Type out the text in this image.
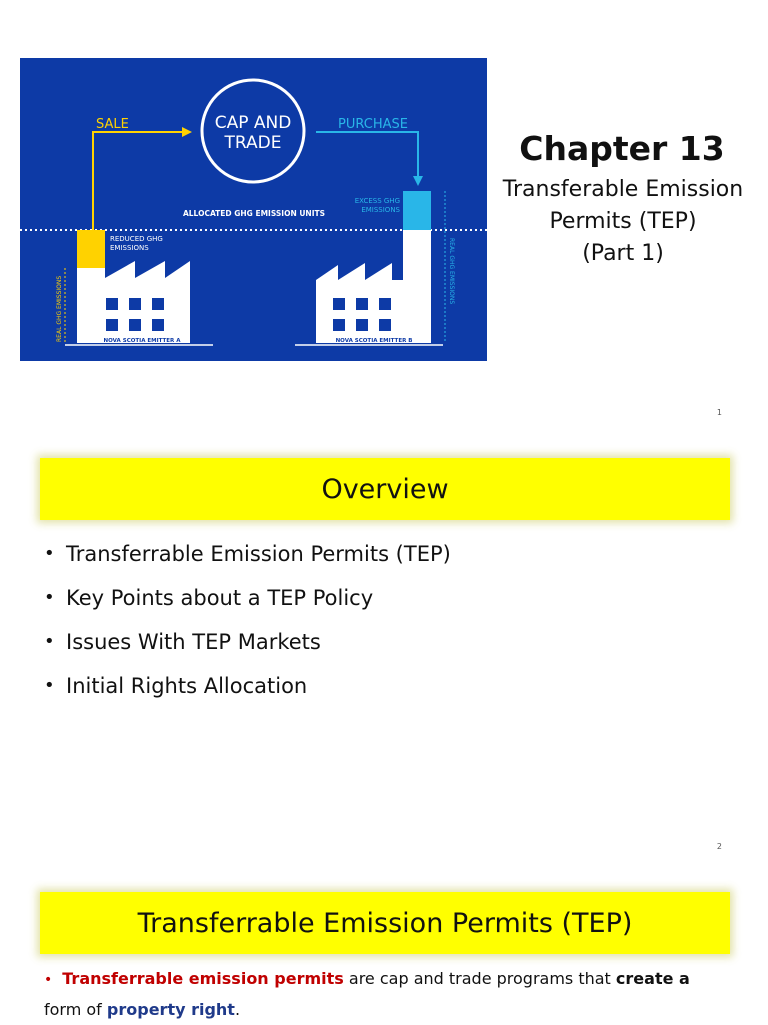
CAP AND
TRADE
SALE	PURCHASE
ALLOCATED GHG EMISSION UNITS
REDUCED GHG
EMISSIONS
NOVA SCOTIA EMITTER A
REAL GHG EMISSIONS
EXCESS GHG
EMISSIONS
NOVA SCOTIA EMITTER B
REAL GHG EMISSIONS
Chapter 13
Transferable Emission
Permits (TEP)
(Part 1)
1
Overview
• Transferrable Emission Permits (TEP)
• Key Points about a TEP Policy
• Issues With TEP Markets
• Initial Rights Allocation
2
Transferrable Emission Permits (TEP)
• Transferrable emission permits are cap and trade programs that create a
form of property right.
